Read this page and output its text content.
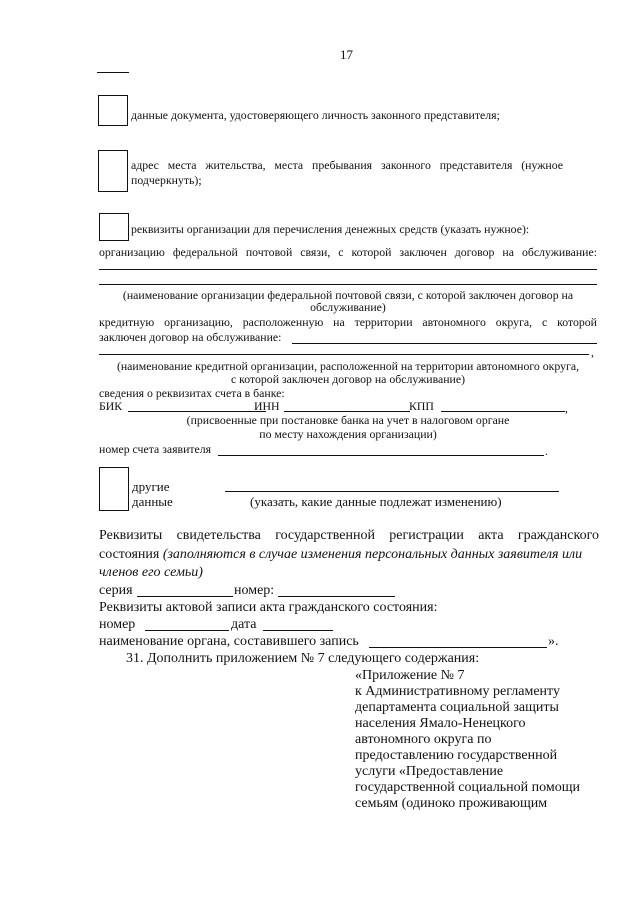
17
данные документа, удостоверяющего личность законного представителя;
адрес места жительства, места пребывания законного представителя (нужное
подчеркнуть);
реквизиты организации для перечисления денежных средств (указать нужное):
организацию федеральной почтовой связи, с которой заключен договор на обслуживание:
(наименование организации федеральной почтовой связи, с которой заключен договор на
обслуживание)
кредитную организацию, расположенную на территории автономного округа, с которой
заключен договор на обслуживание:
,
(наименование кредитной организации, расположенной на территории автономного округа,
с которой заключен договор на обслуживание)
сведения о реквизитах счета в банке:
БИК	ИНН	КПП	,
(присвоенные при постановке банка на учет в налоговом органе
по месту нахождения организации)
номер счета заявителя	.
другие
данные	(указать, какие данные подлежат изменению)
Реквизиты свидетельства государственной регистрации акта гражданского
состояния (заполняются в случае изменения персональных данных заявителя или
членов его семьи)
серия	номер:
Реквизиты актовой записи акта гражданского состояния:
номер	дата
наименование органа, составившего запись	».
31. Дополнить приложением № 7 следующего содержания:
«Приложение № 7
к Административному регламенту
департамента социальной защиты
населения Ямало-Ненецкого
автономного округа по
предоставлению государственной
услуги «Предоставление
государственной социальной помощи
семьям (одиноко проживающим
